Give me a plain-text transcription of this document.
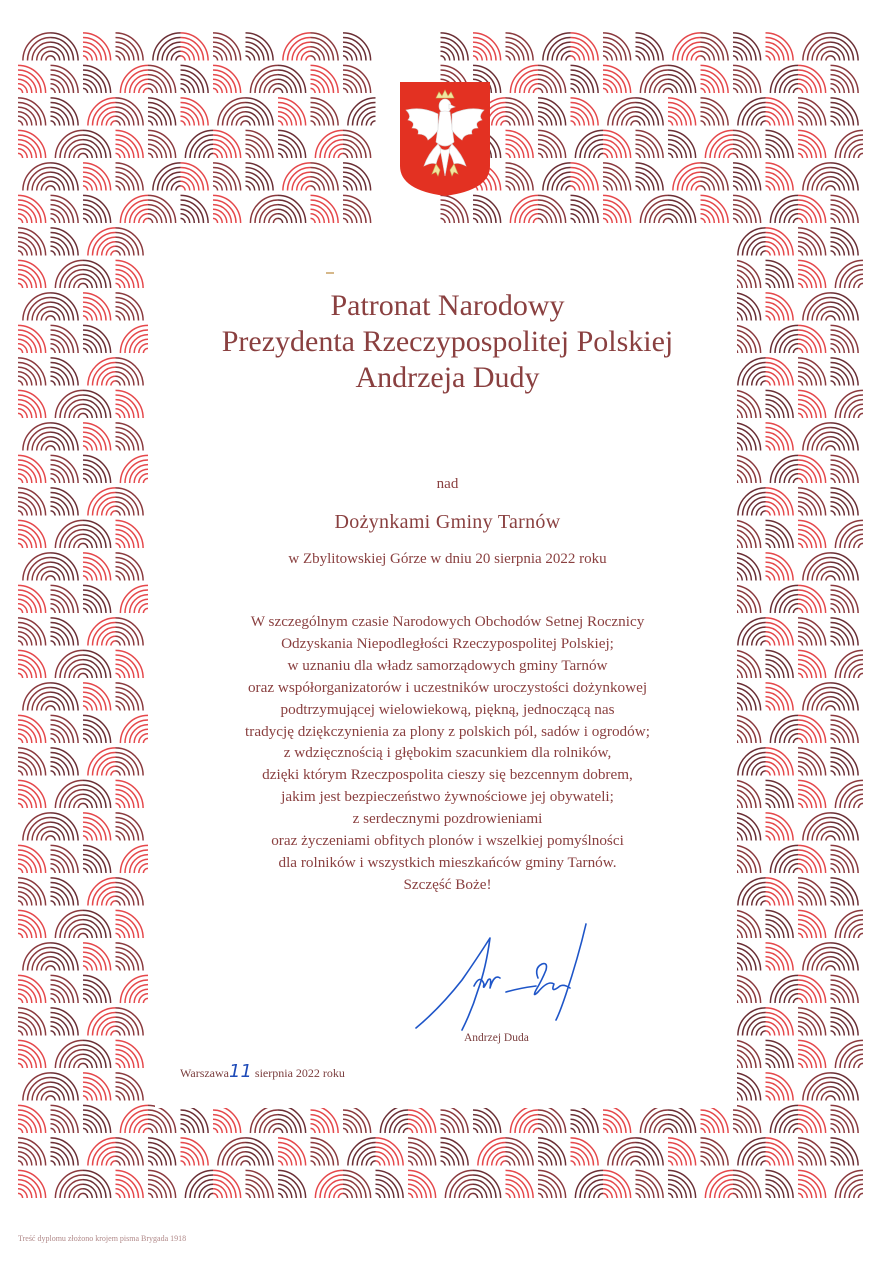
Patronat Narodowy
Prezydenta Rzeczypospolitej Polskiej
Andrzeja Dudy
nad
Dożynkami Gminy Tarnów
w Zbylitowskiej Górze w dniu 20 sierpnia 2022 roku
W szczególnym czasie Narodowych Obchodów Setnej Rocznicy
Odzyskania Niepodległości Rzeczypospolitej Polskiej;
w uznaniu dla władz samorządowych gminy Tarnów
oraz współorganizatorów i uczestników uroczystości dożynkowej
podtrzymującej wielowiekową, piękną, jednoczącą nas
tradycję dziękczynienia za plony z polskich pól, sadów i ogrodów;
z wdzięcznością i głębokim szacunkiem dla rolników,
dzięki którym Rzeczpospolita cieszy się bezcennym dobrem,
jakim jest bezpieczeństwo żywnościowe jej obywateli;
z serdecznymi pozdrowieniami
oraz życzeniami obfitych plonów i wszelkiej pomyślności
dla rolników i wszystkich mieszkańców gminy Tarnów.
Szczęść Boże!
Andrzej Duda
Warszawa11 sierpnia 2022 roku
Treść dyplomu złożono krojem pisma Brygada 1918
